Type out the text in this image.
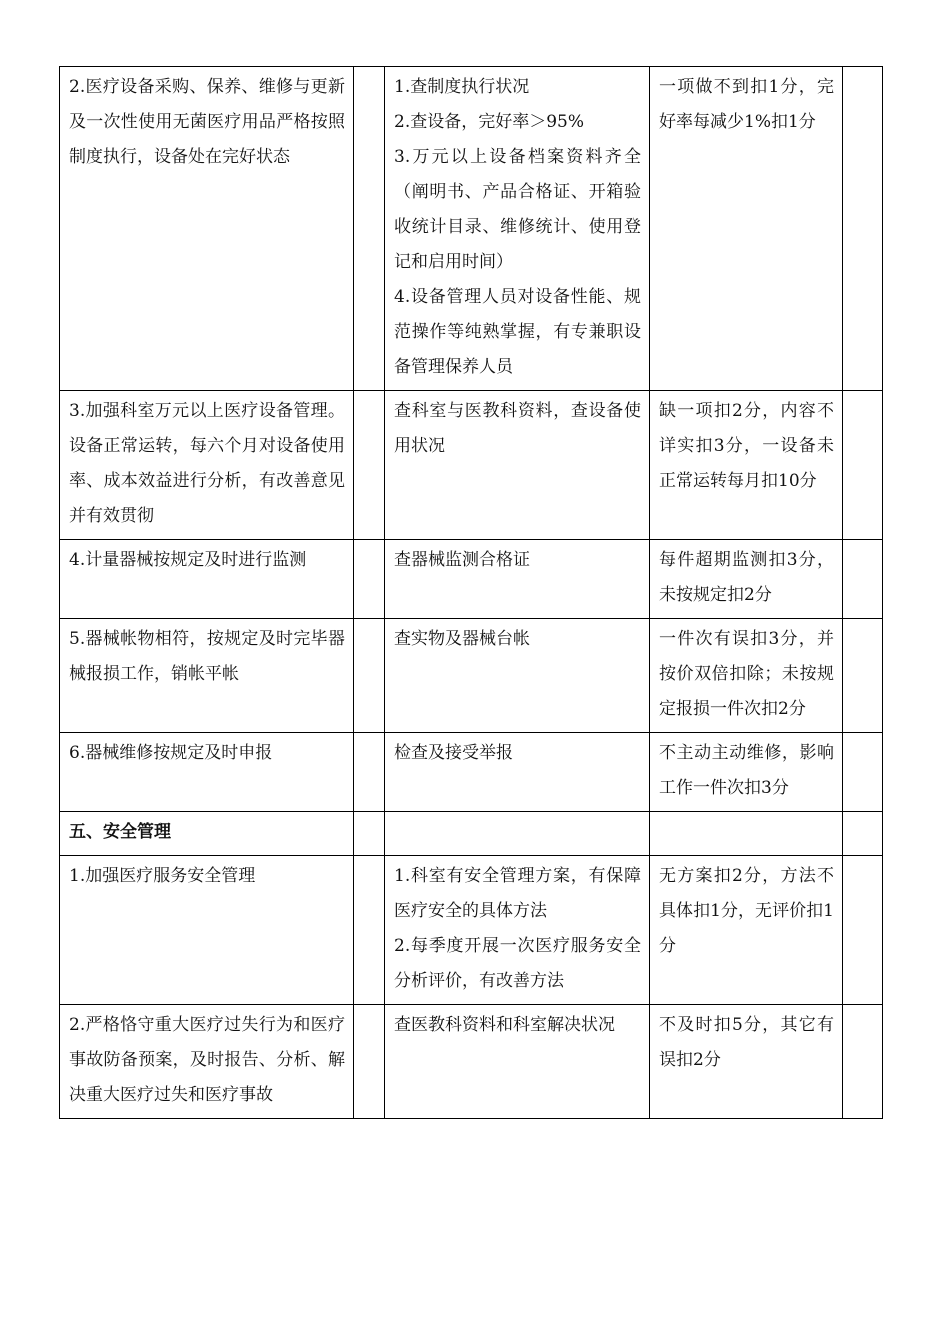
2.医疗设备采购、保养、维修与更新及一次性使用无菌医疗用品严格按照制度执行，设备处在完好状态		1.查制度执行状况
2.查设备，完好率＞95%
3.万元以上设备档案资料齐全（阐明书、产品合格证、开箱验收统计目录、维修统计、使用登记和启用时间）
4.设备管理人员对设备性能、规范操作等纯熟掌握，有专兼职设备管理保养人员	一项做不到扣1分，完好率每减少1%扣1分	
3.加强科室万元以上医疗设备管理。设备正常运转，每六个月对设备使用率、成本效益进行分析，有改善意见并有效贯彻		查科室与医教科资料，查设备使用状况	缺一项扣2分，内容不详实扣3分，一设备未正常运转每月扣10分	
4.计量器械按规定及时进行监测		查器械监测合格证	每件超期监测扣3分，未按规定扣2分	
5.器械帐物相符，按规定及时完毕器械报损工作，销帐平帐		查实物及器械台帐	一件次有误扣3分，并按价双倍扣除；未按规定报损一件次扣2分	
6.器械维修按规定及时申报		检查及接受举报	不主动主动维修，影响工作一件次扣3分	
五、安全管理				
1.加强医疗服务安全管理		1.科室有安全管理方案，有保障医疗安全的具体方法
2.每季度开展一次医疗服务安全分析评价，有改善方法	无方案扣2分，方法不具体扣1分，无评价扣1分	
2.严格恪守重大医疗过失行为和医疗事故防备预案，及时报告、分析、解决重大医疗过失和医疗事故		查医教科资料和科室解决状况	不及时扣5分，其它有误扣2分	
